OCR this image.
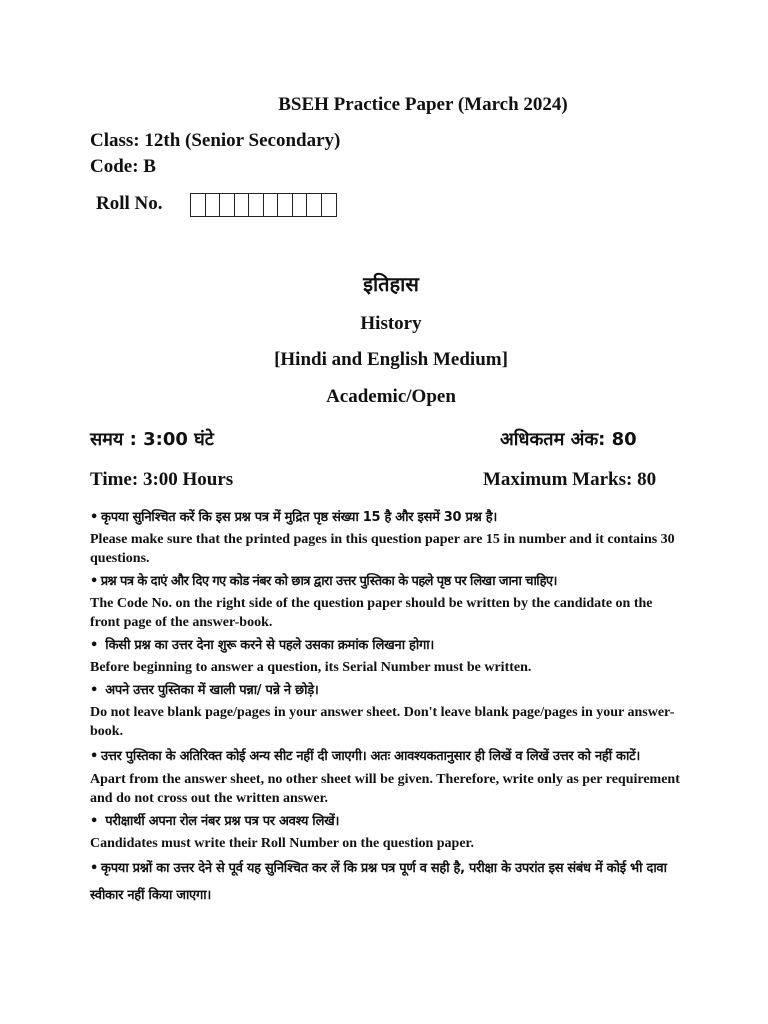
BSEH Practice Paper (March 2024)

Class: 12th (Senior Secondary)

Code: B

Roll No.

इतिहास

History

[Hindi and English Medium]

Academic/Open

समय : 3:00 घंटे	अधिकतम अंक: 80

Time: 3:00 Hours	Maximum Marks: 80

• कृपया सुनिश्चित करें कि इस प्रश्न पत्र में मुद्रित पृष्ठ संख्या 15 है और इसमें 30 प्रश्न है।
Please make sure that the printed pages in this question paper are 15 in number and it contains 30 questions.
• प्रश्न पत्र के दाएं और दिए गए कोड नंबर को छात्र द्वारा उत्तर पुस्तिका के पहले पृष्ठ पर लिखा जाना चाहिए।
The Code No. on the right side of the question paper should be written by the candidate on the front page of the answer-book.
• किसी प्रश्न का उत्तर देना शुरू करने से पहले उसका क्रमांक लिखना होगा।
Before beginning to answer a question, its Serial Number must be written.
• अपने उत्तर पुस्तिका में खाली पन्ना/ पन्ने ने छोड़े।
Do not leave blank page/pages in your answer sheet. Don't leave blank page/pages in your answer-book.
• उत्तर पुस्तिका के अतिरिक्त कोई अन्य सीट नहीं दी जाएगी। अतः आवश्यकतानुसार ही लिखें व लिखें उत्तर को नहीं काटें।
Apart from the answer sheet, no other sheet will be given. Therefore, write only as per requirement and do not cross out the written answer.
• परीक्षार्थी अपना रोल नंबर प्रश्न पत्र पर अवश्य लिखें।
Candidates must write their Roll Number on the question paper.
• कृपया प्रश्नों का उत्तर देने से पूर्व यह सुनिश्चित कर लें कि प्रश्न पत्र पूर्ण व सही है, परीक्षा के उपरांत इस संबंध में कोई भी दावा स्वीकार नहीं किया जाएगा।
